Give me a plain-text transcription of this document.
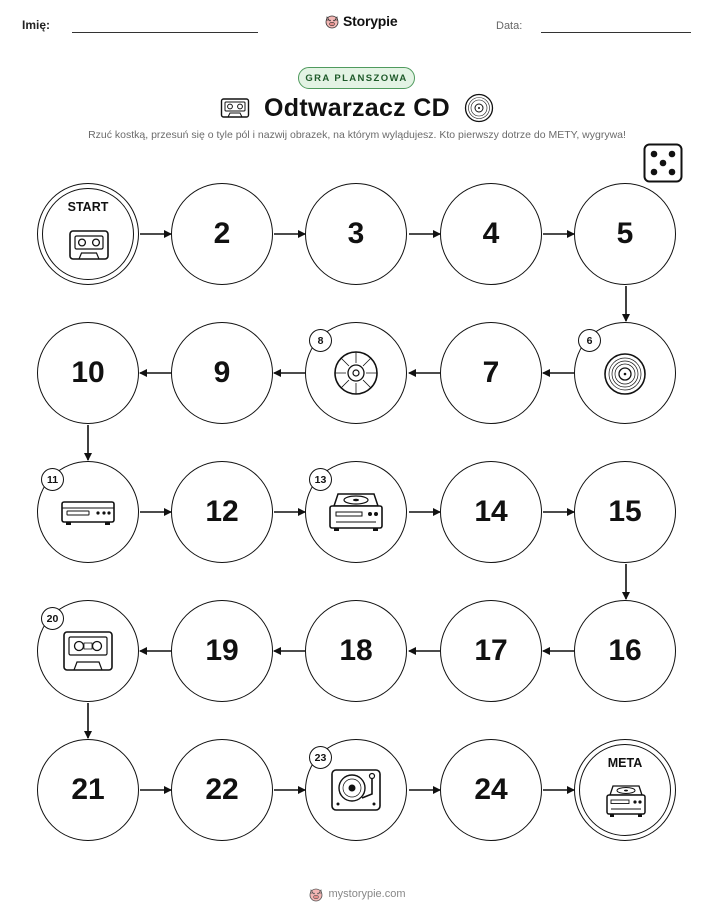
Imię:	Storypie	Data:
GRA PLANSZOWA
Odtwarzacz CD
Rzuć kostką, przesuń się o tyle pól i nazwij obrazek, na którym wylądujesz. Kto pierwszy dotrze do METY, wygrywa!
START
2	3	4	5
10	9
8
7
6
11
12
13
14	15
20
19	18	17	16
21	22
23
24
META
mystorypie.com
